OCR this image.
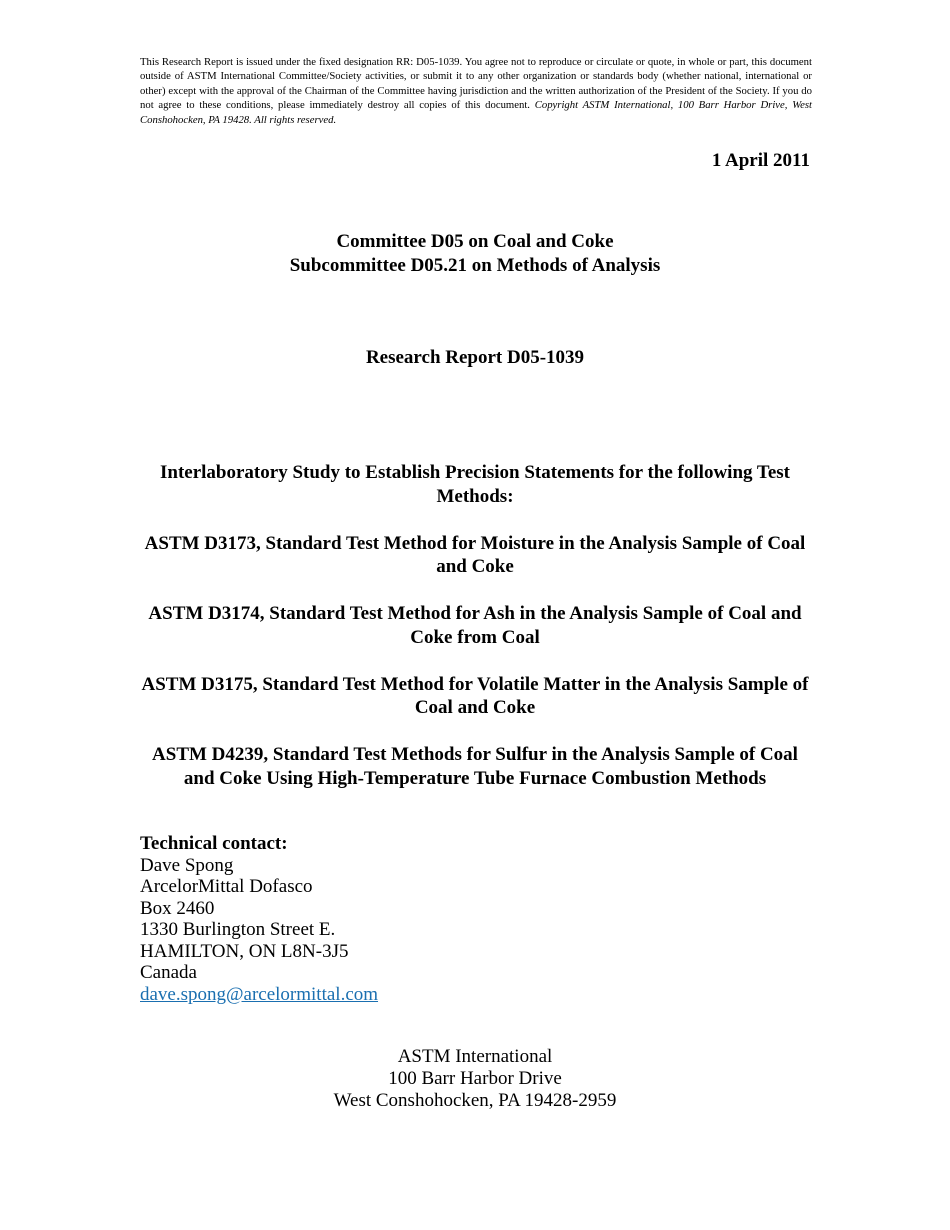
This Research Report is issued under the fixed designation RR: D05-1039. You agree not to reproduce or circulate or quote, in whole or part, this document outside of ASTM International Committee/Society activities, or submit it to any other organization or standards body (whether national, international or other) except with the approval of the Chairman of the Committee having jurisdiction and the written authorization of the President of the Society. If you do not agree to these conditions, please immediately destroy all copies of this document. Copyright ASTM International, 100 Barr Harbor Drive, West Conshohocken, PA 19428. All rights reserved.
1 April 2011
Committee D05 on Coal and Coke
Subcommittee D05.21 on Methods of Analysis
Research Report D05-1039

Interlaboratory Study to Establish Precision Statements for the following Test Methods:

ASTM D3173, Standard Test Method for Moisture in the Analysis Sample of Coal and Coke

ASTM D3174, Standard Test Method for Ash in the Analysis Sample of Coal and Coke from Coal

ASTM D3175, Standard Test Method for Volatile Matter in the Analysis Sample of Coal and Coke

ASTM D4239, Standard Test Methods for Sulfur in the Analysis Sample of Coal and Coke Using High-Temperature Tube Furnace Combustion Methods

Technical contact:
Dave Spong
ArcelorMittal Dofasco
Box 2460
1330 Burlington Street E.
HAMILTON, ON L8N-3J5
Canada
dave.spong@arcelormittal.com
ASTM International
100 Barr Harbor Drive
West Conshohocken, PA 19428-2959
